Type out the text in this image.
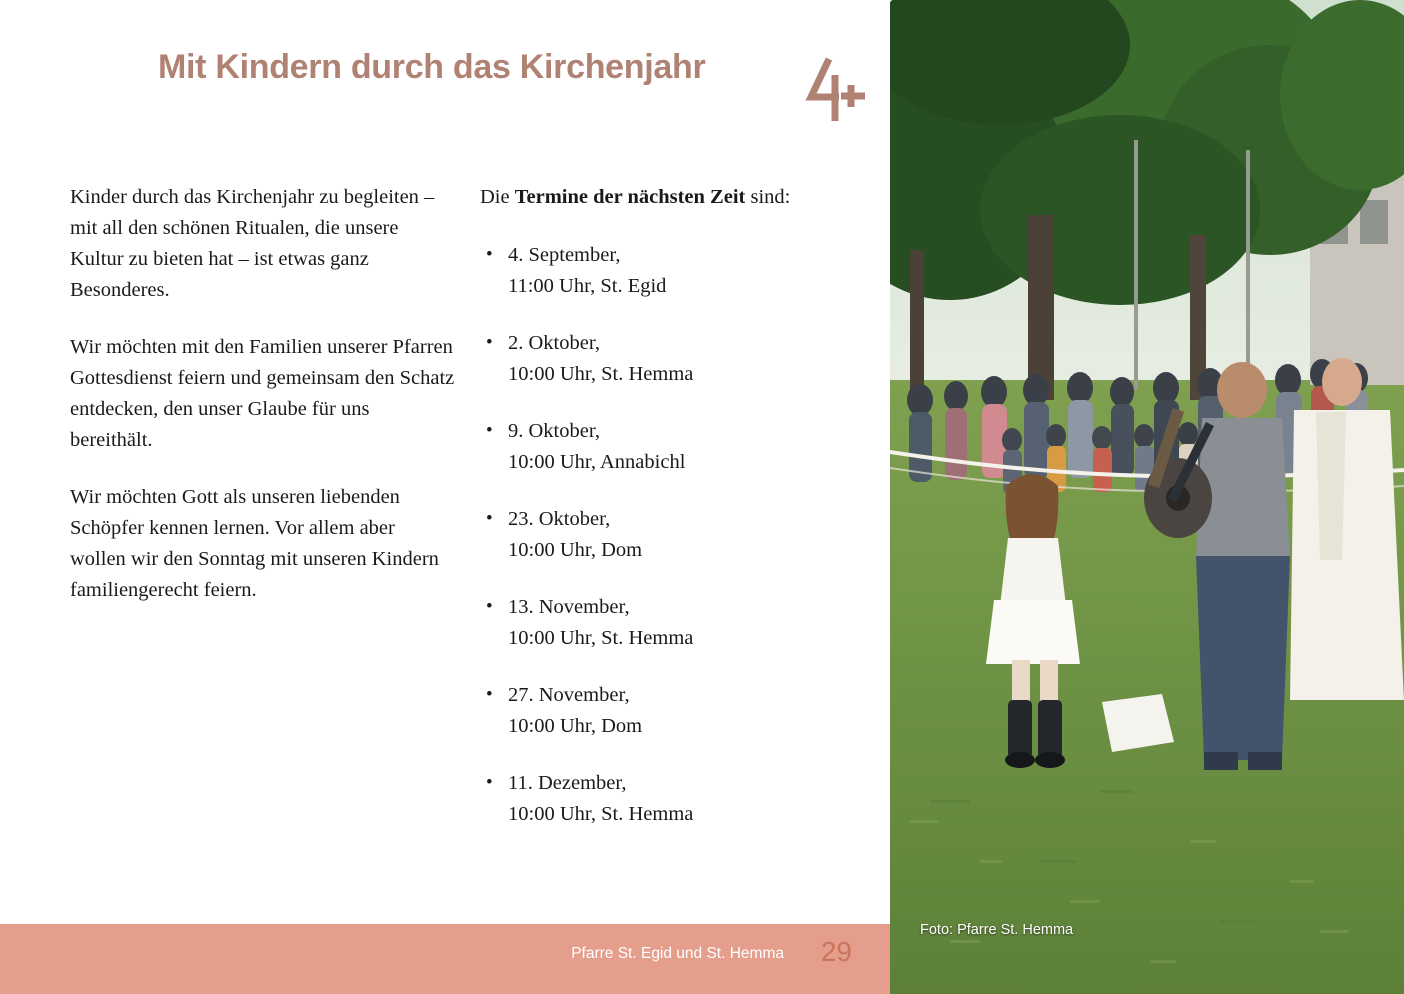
Mit Kindern durch das Kirchenjahr

Kinder durch das Kirchenjahr zu begleiten – mit all den schönen Ritualen, die unsere Kultur zu bieten hat – ist etwas ganz Besonderes.

Wir möchten mit den Familien unserer Pfarren Gottesdienst feiern und gemeinsam den Schatz entdecken, den unser Glaube für uns bereithält.

Wir möchten Gott als unseren liebenden Schöpfer kennen lernen. Vor allem aber wollen wir den Sonntag mit unseren Kindern familiengerecht feiern.

Die Termine der nächsten Zeit sind:
• 4. September,
11:00 Uhr, St. Egid
• 2. Oktober,
10:00 Uhr, St. Hemma
• 9. Oktober,
10:00 Uhr, Annabichl
• 23. Oktober,
10:00 Uhr, Dom
• 13. November,
10:00 Uhr, St. Hemma
• 27. November,
10:00 Uhr, Dom
• 11. Dezember,
10:00 Uhr, St. Hemma
Pfarre St. Egid und St. Hemma 29
Foto: Pfarre St. Hemma
